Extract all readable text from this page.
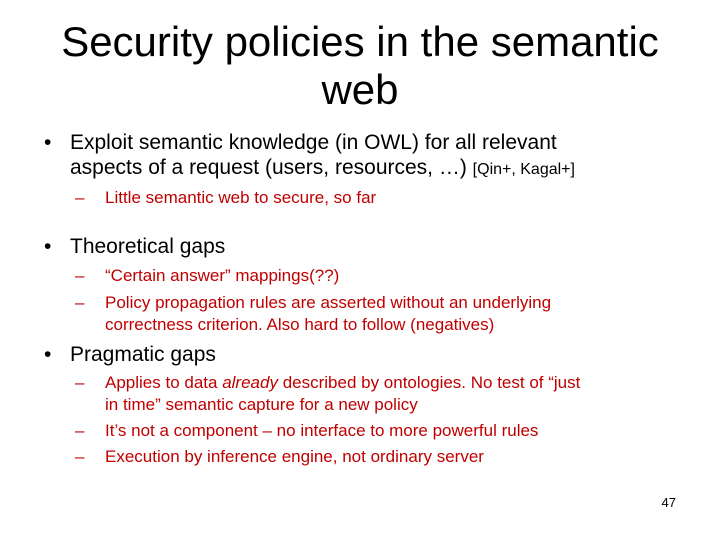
Security policies in the semantic
web
• Exploit semantic knowledge (in OWL) for all relevant
aspects of a request (users, resources, …) [Qin+, Kagal+]
– Little semantic web to secure, so far
• Theoretical gaps
– “Certain answer” mappings(??)
– Policy propagation rules are asserted without an underlying
correctness criterion. Also hard to follow (negatives)
• Pragmatic gaps
– Applies to data already described by ontologies. No test of “just
in time” semantic capture for a new policy
– It’s not a component – no interface to more powerful rules
– Execution by inference engine, not ordinary server
47
